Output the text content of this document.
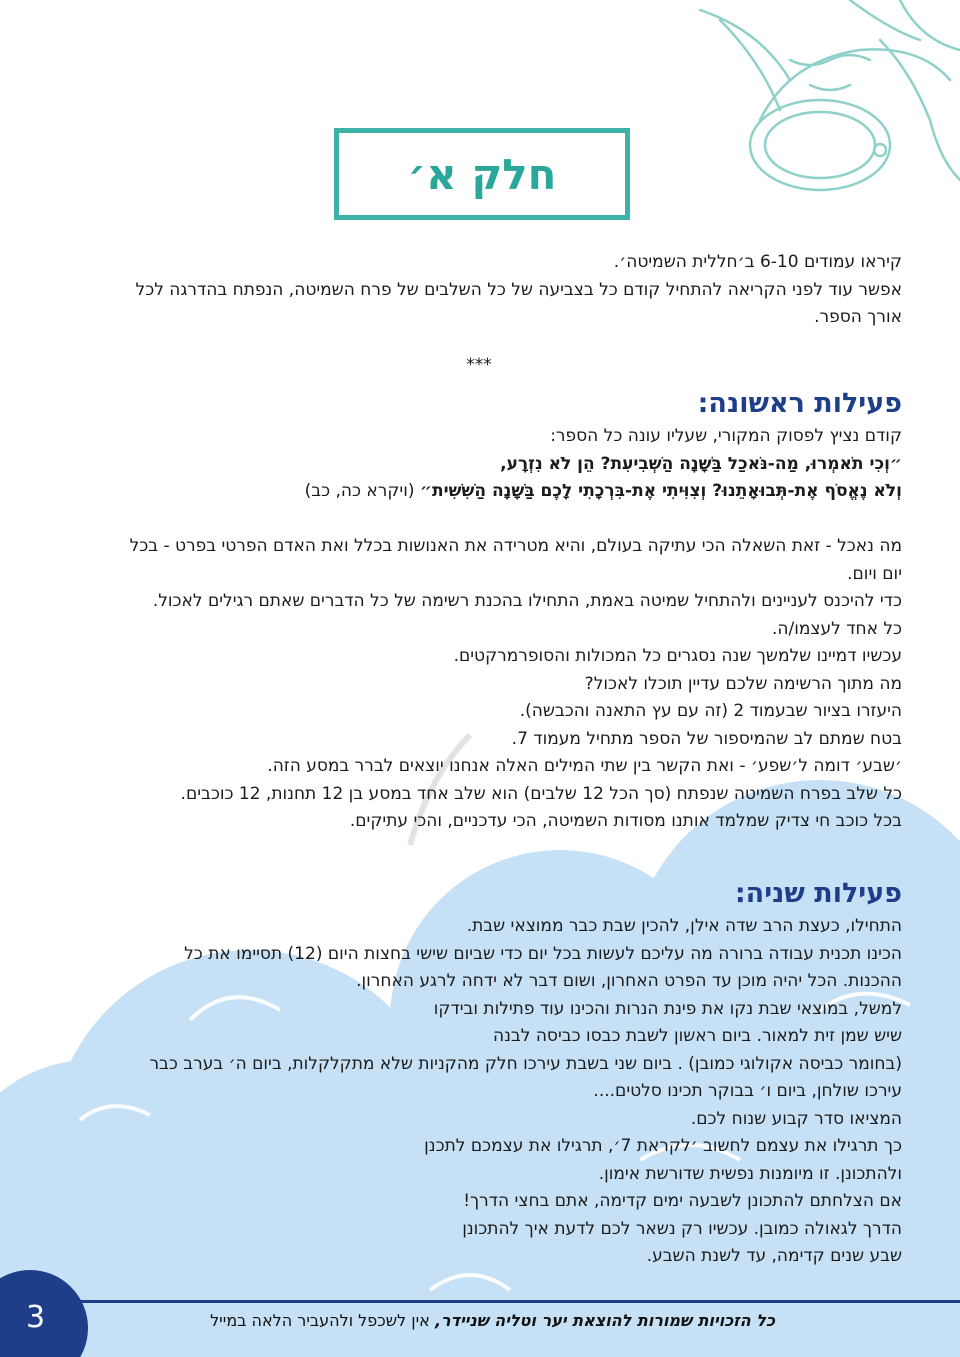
חלק א׳
קיראו עמודים 6-10 ב׳חללית השמיטה׳.
אפשר עוד לפני הקריאה להתחיל קודם כל בצביעה של כל השלבים של פרח השמיטה, הנפתח בהדרגה לכל
אורך הספר.
***
פעילות ראשונה:
קודם נציץ לפסוק המקורי, שעליו עונה כל הספר:
״וְכִי תֹאמְרוּ, מַה-נֹּאכַל בַּשָּׁנָה הַשְּׁבִיעִת? הֵן לֹא נִזְרָע,
וְלֹא נֶאֱסֹף אֶת-תְּבוּאָתֵנוּ? וְצִוִּיתִי אֶת-בִּרְכָתִי לָכֶם בַּשָּׁנָה הַשִּׁשִּׁית״ (ויקרא כה, כב)
מה נאכל - זאת השאלה הכי עתיקה בעולם, והיא מטרידה את האנושות בכלל ואת האדם הפרטי בפרט - בכל
יום ויום.
כדי להיכנס לעניינים ולהתחיל שמיטה באמת, התחילו בהכנת רשימה של כל הדברים שאתם רגילים לאכול.
כל אחד לעצמו/ה.
עכשיו דמיינו שלמשך שנה נסגרים כל המכולות והסופרמרקטים.
מה מתוך הרשימה שלכם עדיין תוכלו לאכול?
היעזרו בציור שבעמוד 2 (זה עם עץ התאנה והכבשה).
בטח שמתם לב שהמיספור של הספר מתחיל מעמוד 7.
׳שבע׳ דומה ל׳שפע׳ - ואת הקשר בין שתי המילים האלה אנחנו יוצאים לברר במסע הזה.
כל שלב בפרח השמיטה שנפתח (סך הכל 12 שלבים) הוא שלב אחד במסע בן 12 תחנות, 12 כוכבים.
בכל כוכב חי צדיק שמלמד אותנו מסודות השמיטה, הכי עדכניים, והכי עתיקים.
פעילות שניה:
התחילו, כעצת הרב שדה אילן, להכין שבת כבר ממוצאי שבת.
הכינו תכנית עבודה ברורה מה עליכם לעשות בכל יום כדי שביום שישי בחצות היום (12) תסיימו את כל
ההכנות. הכל יהיה מוכן עד הפרט האחרון, ושום דבר לא ידחה לרגע האחרון.
למשל, במוצאי שבת נקו את פינת הנרות והכינו עוד פתילות ובידקו
שיש שמן זית למאור. ביום ראשון לשבת כבסו כביסה לבנה
(בחומר כביסה אקולוגי כמובן) . ביום שני בשבת עירכו חלק מהקניות שלא מתקלקלות, ביום ה׳ בערב כבר
עירכו שולחן, ביום ו׳ בבוקר תכינו סלטים....
המציאו סדר קבוע שנוח לכם.
כך תרגילו את עצמם לחשוב ׳לקראת 7׳, תרגילו את עצמכם לתכנן
ולהתכונן. זו מיומנות נפשית שדורשת אימון.
אם הצלחתם להתכונן לשבעה ימים קדימה, אתם בחצי הדרך!
הדרך לגאולה כמובן. עכשיו רק נשאר לכם לדעת איך להתכונן
שבע שנים קדימה, עד לשנת השבע.
כל הזכויות שמורות להוצאת יער וטליה שניידר, אין לשכפל ולהעביר הלאה במייל
3
